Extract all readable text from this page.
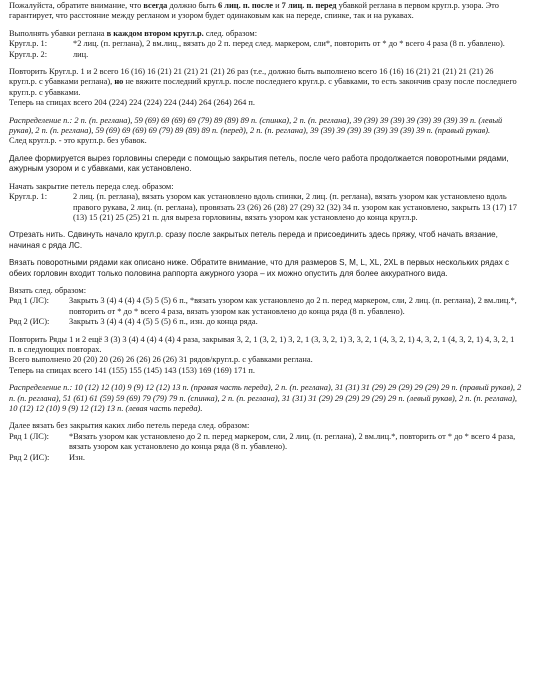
Пожалуйста, обратите внимание, что всегда должно быть 6 лиц. п. после и 7 лиц. п. перед убавкой реглана в первом кругл.р. узора. Это гарантирует, что расстояние между регланом и узором будет одинаковым как на переде, спинке, так и на рукавах.
Выполнять убавки реглана в каждом втором кругл.р. след. образом:
Кругл.р. 1:	*2 лиц. (п. реглана), 2 вм.лиц., вязать до 2 п. перед след. маркером, сли*, повторить от * до * всего 4 раза (8 п. убавлено).
Кругл.р. 2:	лиц.
Повторить Кругл.р. 1 и 2 всего 16 (16) 16 (21) 21 (21) 21 (21) 26 раз (т.е., должно быть выполнено всего 16 (16) 16 (21) 21 (21) 21 (21) 26 кругл.р. с убавками реглана), но не вяжите последний кругл.р. после последнего кругл.р. с убавками, то есть закончив сразу после последнего кругл.р. с убавками.
Теперь на спицах всего 204 (224) 224 (224) 224 (244) 264 (264) 264 п.
Распределение п.: 2 п. (п. реглана), 59 (69) 69 (69) 69 (79) 89 (89) 89 п. (спинка), 2 п. (п. реглана), 39 (39) 39 (39) 39 (39) 39 (39) 39 п. (левый рукав), 2 п. (п. реглана), 59 (69) 69 (69) 69 (79) 89 (89) 89 п. (перед), 2 п. (п. реглана), 39 (39) 39 (39) 39 (39) 39 (39) 39 п. (правый рукав).
След кругл.р. - это кругл.р. без убавок.
Далее формируется вырез горловины спереди с помощью закрытия петель, после чего работа продолжается поворотными рядами, ажурным узором и с убавками, как установлено.
Начать закрытие петель переда след. образом:
Кругл.р. 1:	2 лиц. (п. реглана), вязать узором как установлено вдоль спинки, 2 лиц. (п. реглана), вязать узором как установлено вдоль правого рукава, 2 лиц. (п. реглана), провязать 23 (26) 26 (28) 27 (29) 32 (32) 34 п. узором как установлено, закрыть 13 (17) 17 (13) 15 (21) 25 (25) 21 п. для выреза горловины, вязать узором как установлено до конца кругл.р.
Отрезать нить. Сдвинуть начало кругл.р. сразу после закрытых петель переда и присоединить здесь пряжу, чтоб начать вязание, начиная с ряда ЛС.
Вязать поворотными рядами как описано ниже. Обратите внимание, что для размеров S, M, L, XL, 2XL в первых нескольких рядах с обеих горловин входит только половина раппорта ажурного узора – их можно опустить для более аккуратного вида.
Вязать след. образом:
Ряд 1 (ЛС):	Закрыть 3 (4) 4 (4) 4 (5) 5 (5) 6 п., *вязать узором как установлено до 2 п. перед маркером, сли, 2 лиц. (п. реглана), 2 вм.лиц.*, повторить от * до * всего 4 раза, вязать узором как установлено до конца ряда (8 п. убавлено).
Ряд 2 (ИС):	Закрыть 3 (4) 4 (4) 4 (5) 5 (5) 6 п., изн. до конца ряда.
Повторить Ряды 1 и 2 ещё 3 (3) 3 (4) 4 (4) 4 (4) 4 раза, закрывая 3, 2, 1 (3, 2, 1) 3, 2, 1 (3, 3, 2, 1) 3, 3, 2, 1 (4, 3, 2, 1) 4, 3, 2, 1 (4, 3, 2, 1) 4, 3, 2, 1 п. в следующих повторах.
Всего выполнено 20 (20) 20 (26) 26 (26) 26 (26) 31 рядов/кругл.р. с убавками реглана.
Теперь на спицах всего 141 (155) 155 (145) 143 (153) 169 (169) 171 п.
Распределение п.: 10 (12) 12 (10) 9 (9) 12 (12) 13 п. (правая часть переда), 2 п. (п. реглана), 31 (31) 31 (29) 29 (29) 29 (29) 29 п. (правый рукав), 2 п. (п. реглана), 51 (61) 61 (59) 59 (69) 79 (79) 79 п. (спинка), 2 п. (п. реглана), 31 (31) 31 (29) 29 (29) 29 (29) 29 п. (левый рукав), 2 п. (п. реглана), 10 (12) 12 (10) 9 (9) 12 (12) 13 п. (левая часть переда).
Далее вязать без закрытия каких либо петель переда след. образом:
Ряд 1 (ЛС):	*Вязать узором как установлено до 2 п. перед маркером, сли, 2 лиц. (п. реглана), 2 вм.лиц.*, повторить от * до * всего 4 раза, вязать узором как установлено до конца ряда (8 п. убавлено).
Ряд 2 (ИС):	Изн.
